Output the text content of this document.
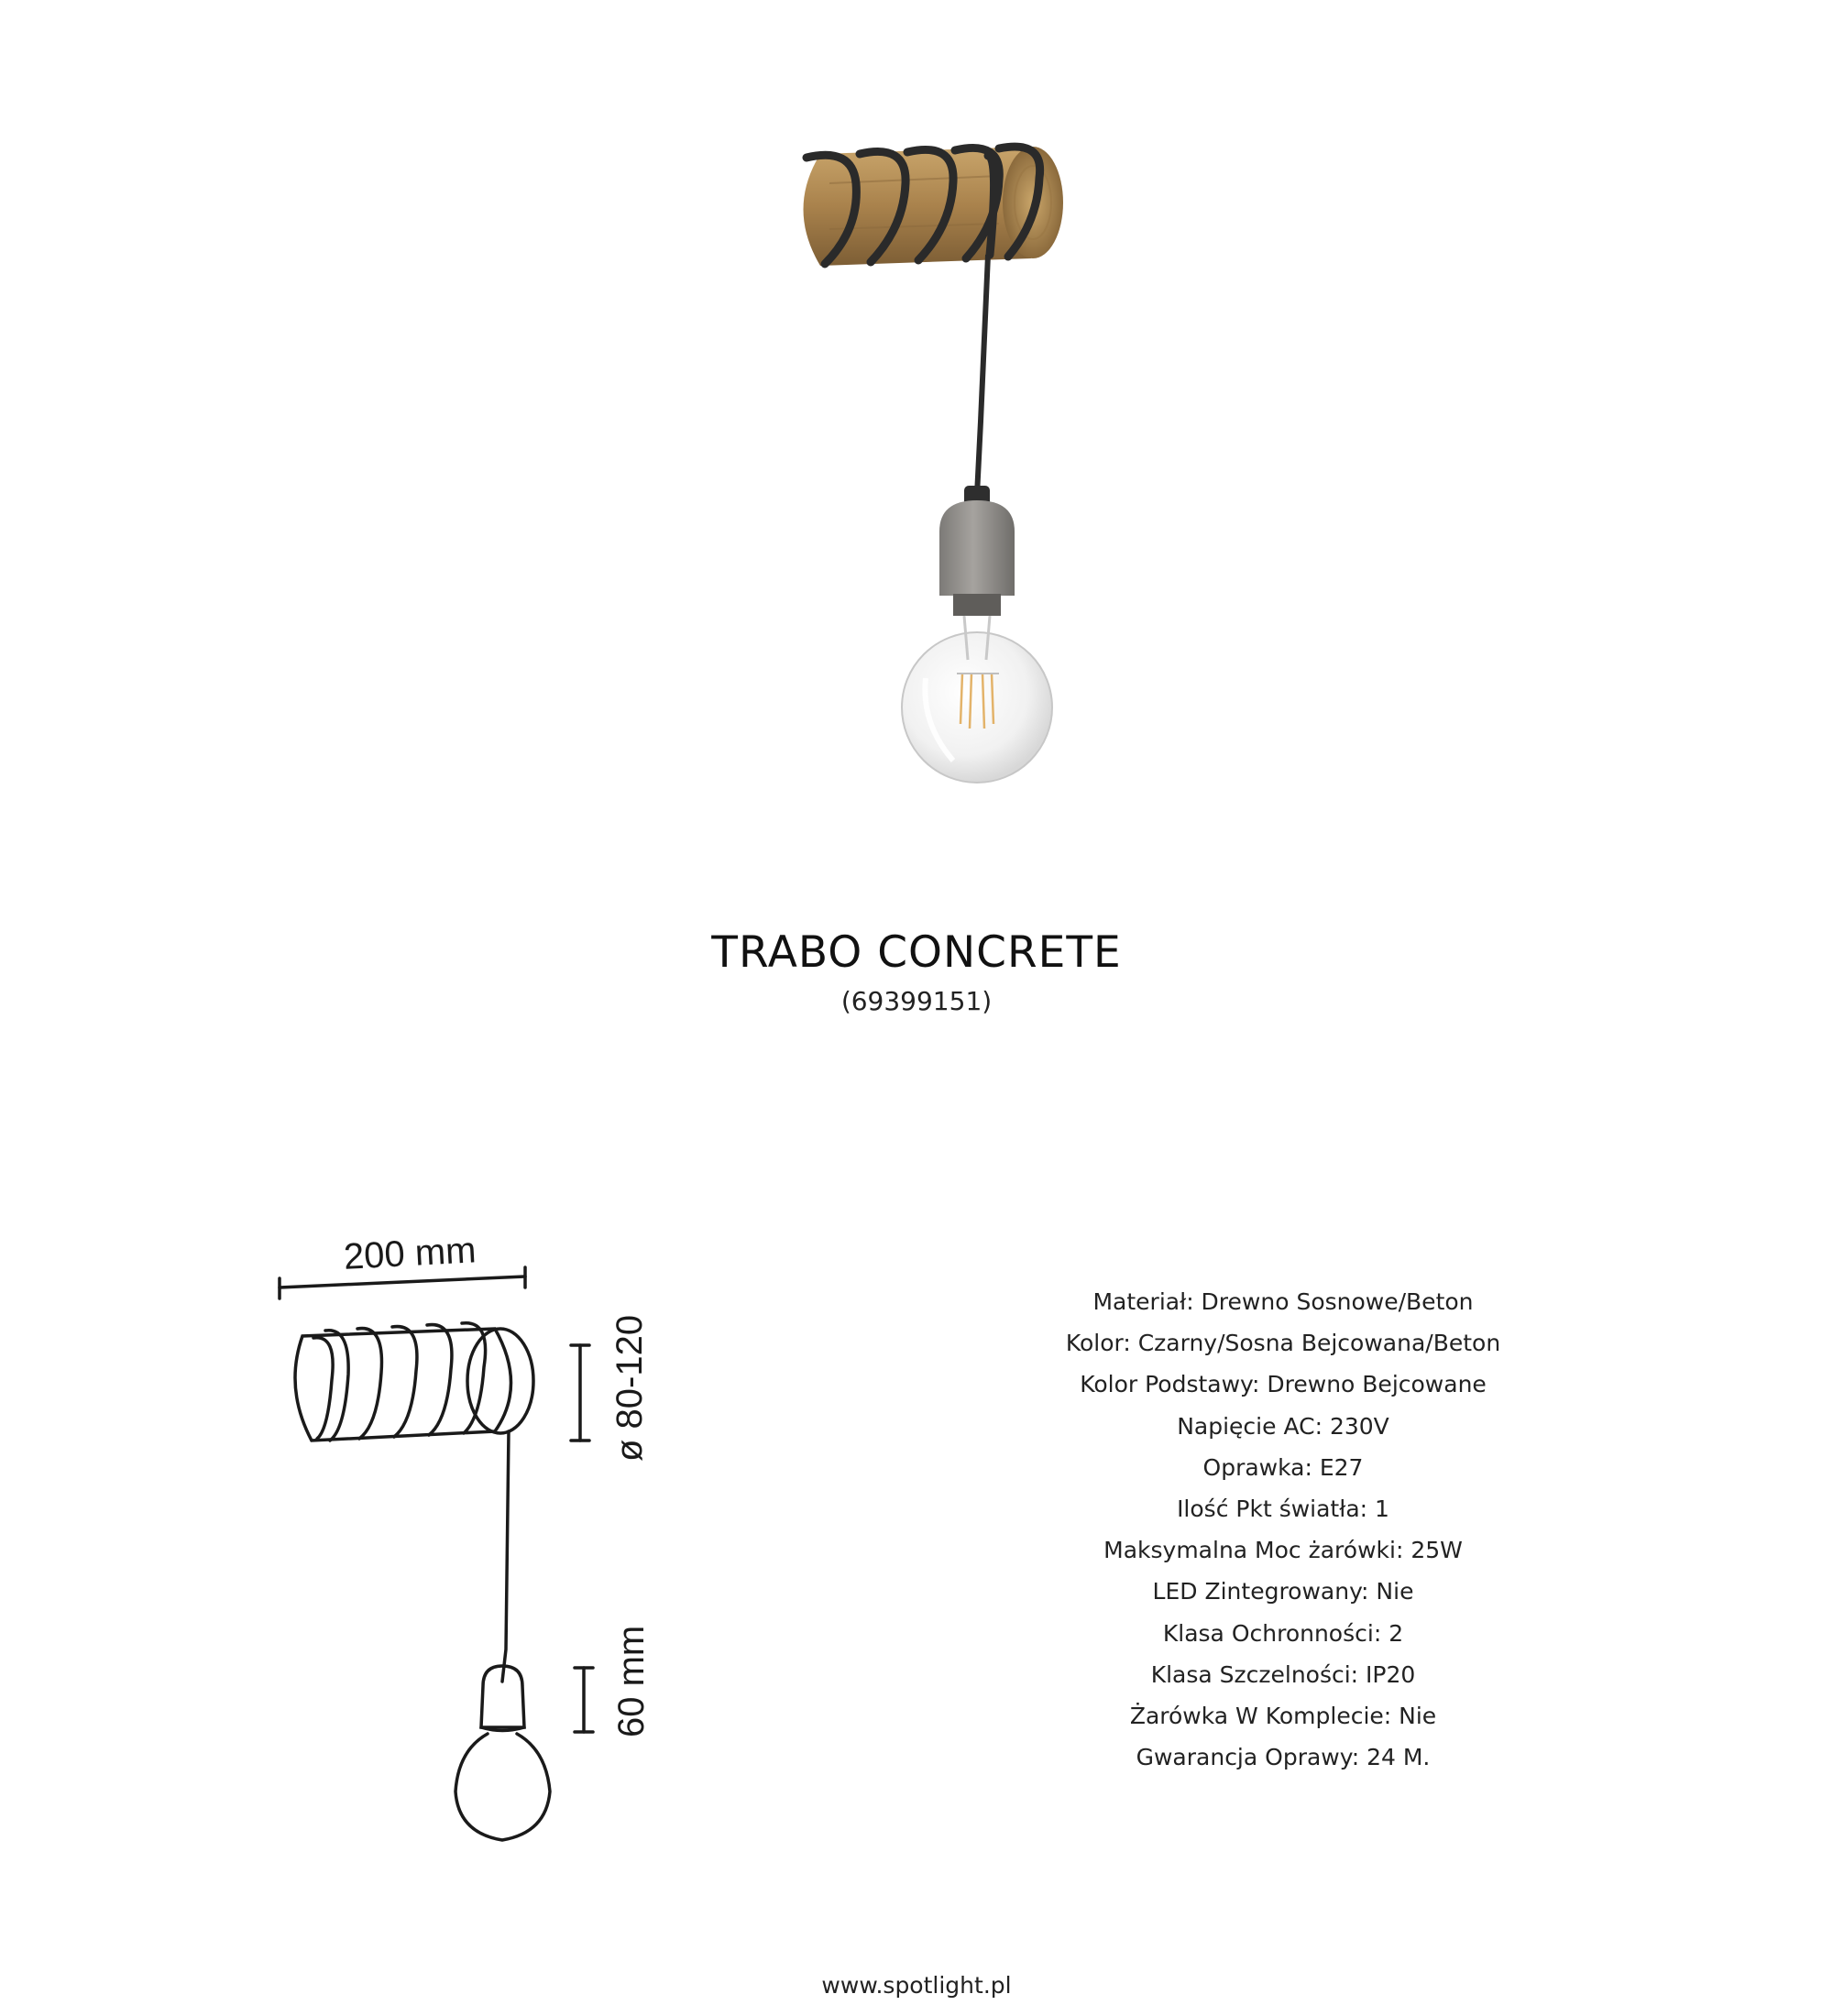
TRABO CONCRETE
(69399151)
200 mm
ø 80-120
60 mm
Materiał: Drewno Sosnowe/Beton
Kolor: Czarny/Sosna Bejcowana/Beton
Kolor Podstawy: Drewno Bejcowane
Napięcie AC: 230V
Oprawka: E27
Ilość Pkt światła: 1
Maksymalna Moc żarówki: 25W
LED Zintegrowany: Nie
Klasa Ochronności: 2
Klasa Szczelności: IP20
Żarówka W Komplecie: Nie
Gwarancja Oprawy: 24 M.
www.spotlight.pl
